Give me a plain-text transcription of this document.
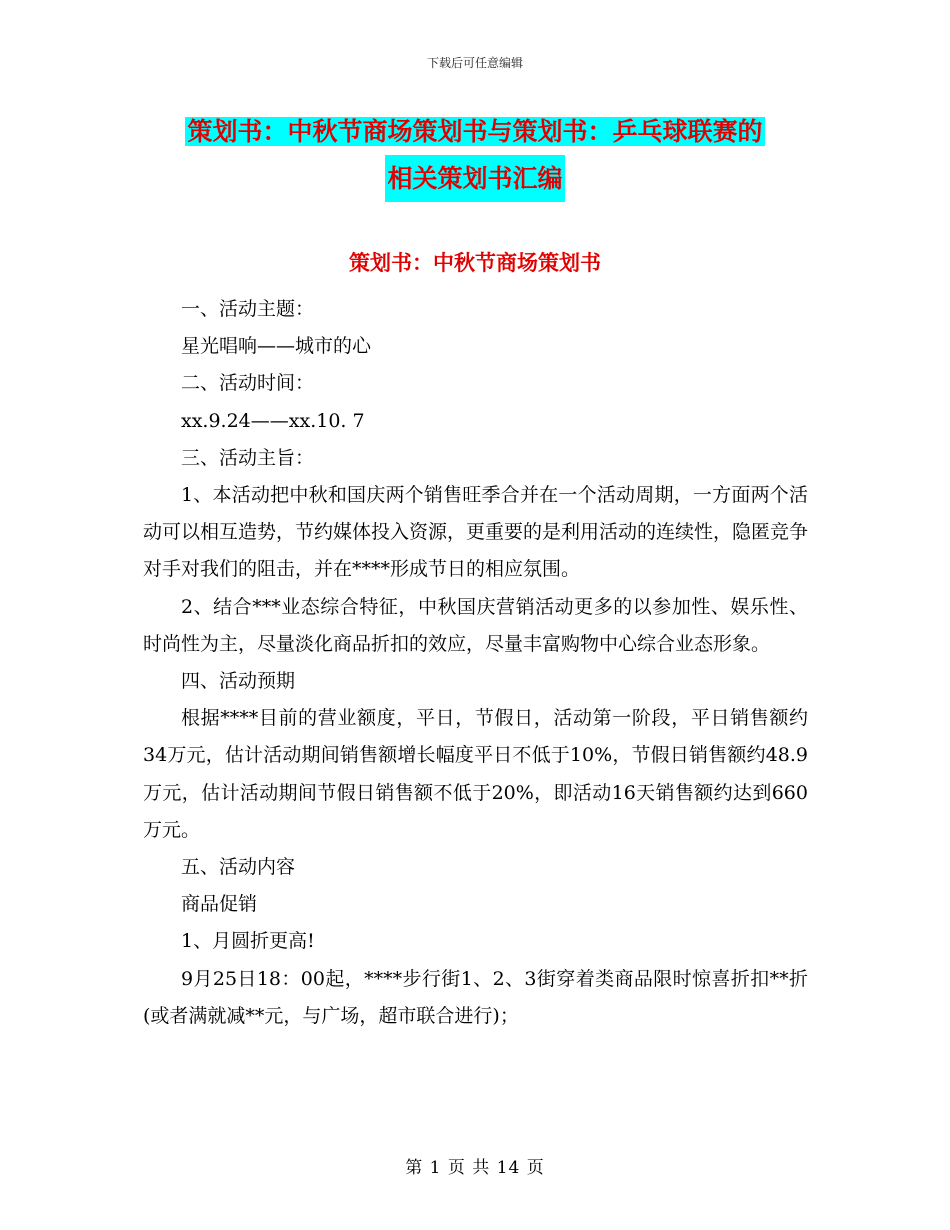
下载后可任意编辑
策划书：中秋节商场策划书与策划书：乒乓球联赛的
相关策划书汇编
策划书：中秋节商场策划书

一、活动主题：

星光唱响——城市的心

二、活动时间：

xx.9.24——xx.10. 7

三、活动主旨：

1、本活动把中秋和国庆两个销售旺季合并在一个活动周期，一方面两个活动可以相互造势，节约媒体投入资源，更重要的是利用活动的连续性，隐匿竞争对手对我们的阻击，并在****形成节日的相应氛围。

2、结合***业态综合特征，中秋国庆营销活动更多的以参加性、娱乐性、时尚性为主，尽量淡化商品折扣的效应，尽量丰富购物中心综合业态形象。

四、活动预期

根据****目前的营业额度，平日，节假日，活动第一阶段，平日销售额约34万元，估计活动期间销售额增长幅度平日不低于10%，节假日销售额约48.9万元，估计活动期间节假日销售额不低于20%，即活动16天销售额约达到660万元。

五、活动内容

商品促销

1、月圆折更高!

9月25日18：00起，****步行街1、2、3街穿着类商品限时惊喜折扣**折(或者满就减**元，与广场，超市联合进行)；

第 1 页 共 14 页
